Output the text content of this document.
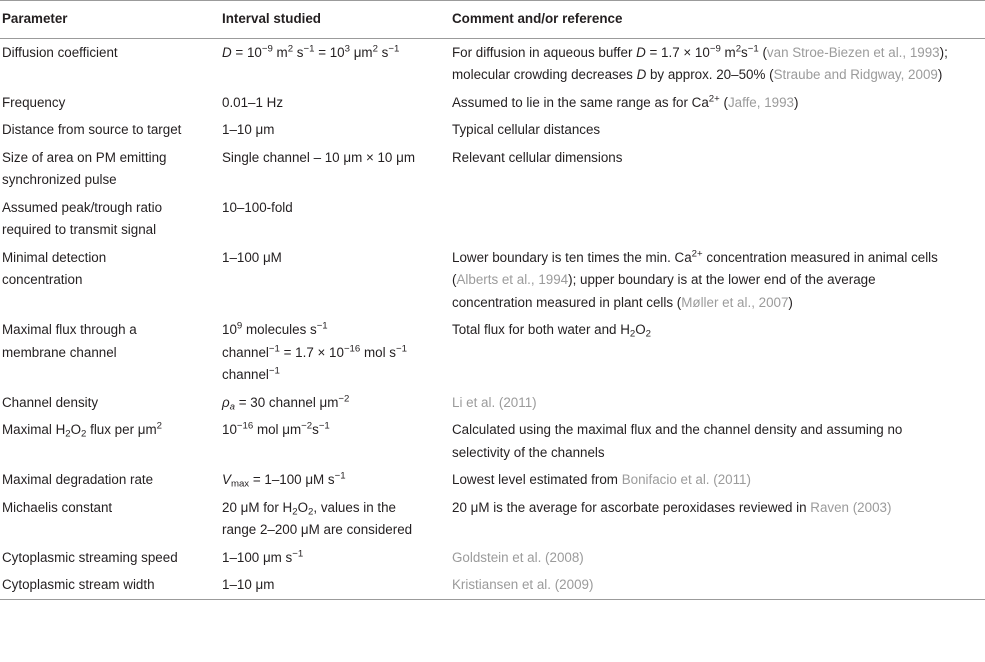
Parameter	Interval studied	Comment and/or reference
Diffusion coefficient	$D = 10^{-9}$ $m^2$ $s^{-1} = 10^3$ $\mu m^2$ $s^{-1}$	For diffusion in aqueous buffer $D = 1.7 \times 10^{-9}$ $m^2s^{-1}$ (van Stroe-Biezen et al., 1993);
molecular crowding decreases D by approx. 20–50% (Straube and Ridgway, 2009)

Frequency	0.01–1 Hz	Assumed to lie in the same range as for $Ca^{2+}$ (Jaffe, 1993)
Distance from source to target	1–10 μm	Typical cellular distances

Size of area on PM emitting
synchronized pulse	Single channel – 10 μm × 10 μm	Relevant cellular dimensions

Assumed peak/trough ratio
required to transmit signal	10–100-fold	

Minimal detection
concentration	1–100 μM	Lower boundary is ten times the min. $Ca^{2+}$ concentration measured in animal cells
(Alberts et al., 1994); upper boundary is at the lower end of the average
concentration measured in plant cells (Møller et al., 2007)

Maximal flux through a
membrane channel	$10^9$ molecules $s^{-1}$
channel$^{-1}$ = $1.7 \times 10^{-16}$ mol $s^{-1}$
channel$^{-1}$	Total flux for both water and $H_2O_2$
Channel density	$\rho_a = 30$ channel $\mu m^{-2}$	Li et al. (2011)
Maximal $H_2O_2$ flux per $\mu m^2$	$10^{-16}$ mol $\mu m^{-2}s^{-1}$	Calculated using the maximal flux and the channel density and assuming no
selectivity of the channels

Maximal degradation rate	$V_{max} = 1-100$ μM $s^{-1}$	Lowest level estimated from Bonifacio et al. (2011)
Michaelis constant	20 μM for $H_2O_2$, values in the
range 2–200 μM are considered	20 μM is the average for ascorbate peroxidases reviewed in Raven (2003)
Cytoplasmic streaming speed	1–100 μm $s^{-1}$	Goldstein et al. (2008)
Cytoplasmic stream width	1–10 μm	Kristiansen et al. (2009)
